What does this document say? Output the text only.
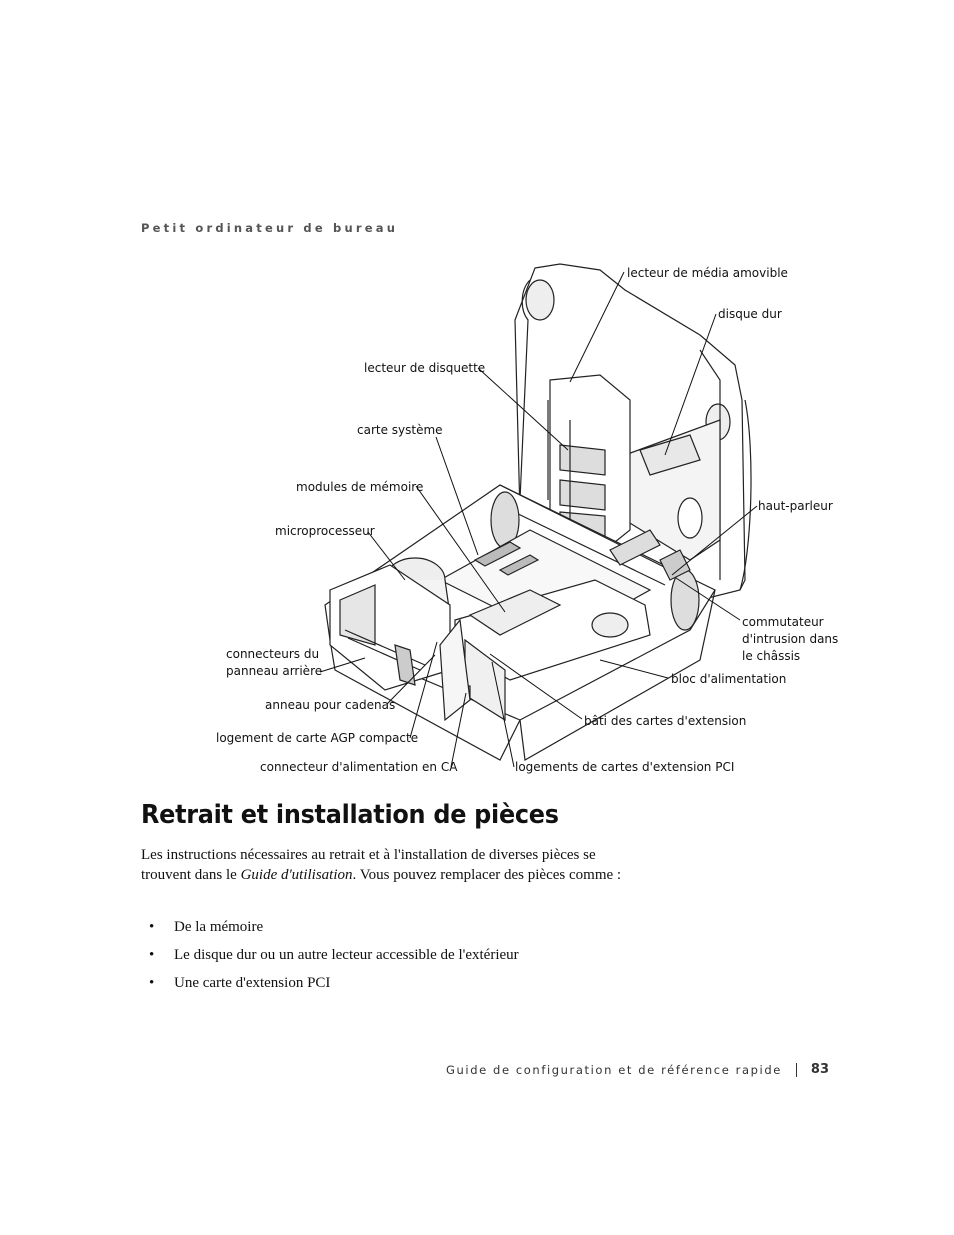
Petit ordinateur de bureau
lecteur de média amovible
disque dur
lecteur de disquette
carte système
modules de mémoire
microprocesseur
haut-parleur
connecteurs du
panneau arrière
commutateur
d'intrusion dans
le châssis
bloc d'alimentation
anneau pour cadenas
bâti des cartes d'extension
logement de carte AGP compacte
connecteur d'alimentation en CA	logements de cartes d'extension PCI
Retrait et installation de pièces

Les instructions nécessaires au retrait et à l'installation de diverses pièces se trouvent dans le Guide d'utilisation. Vous pouvez remplacer des pièces comme :

• De la mémoire
• Le disque dur ou un autre lecteur accessible de l'extérieur
• Une carte d'extension PCI
Guide de configuration et de référence rapide 83
